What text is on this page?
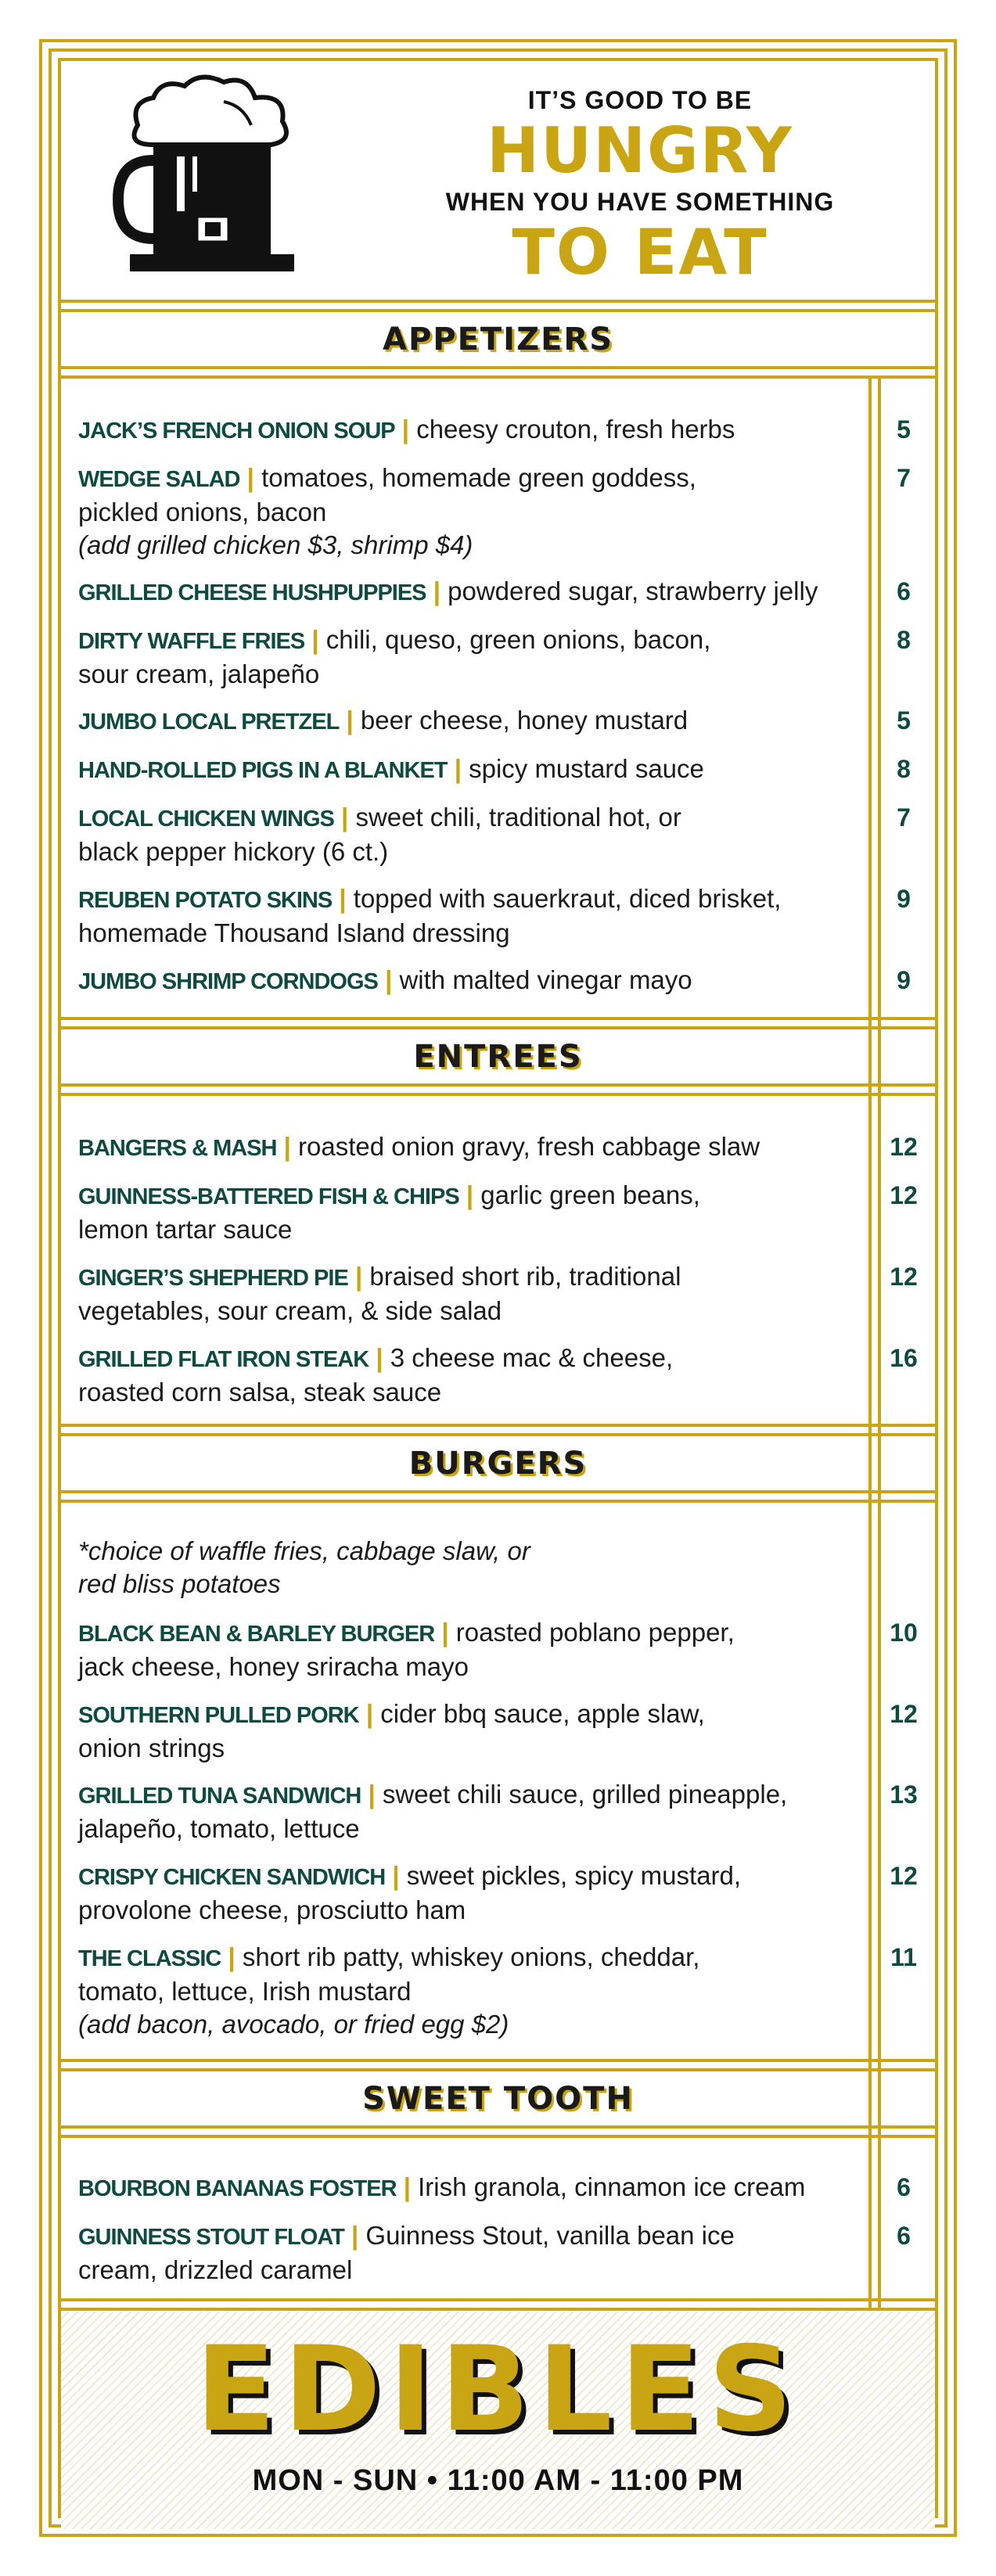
IT’S GOOD TO BE
HUNGRY
WHEN YOU HAVE SOMETHING
TO EAT
APPETIZERS
ENTREES
BURGERS
SWEET TOOTH
JACK’S FRENCH ONION SOUP | cheesy crouton, fresh herbs	5
WEDGE SALAD | tomatoes, homemade green goddess,
pickled onions, bacon
(add grilled chicken $3, shrimp $4)
7
GRILLED CHEESE HUSHPUPPIES | powdered sugar, strawberry jelly	6
DIRTY WAFFLE FRIES | chili, queso, green onions, bacon,
sour cream, jalapeño
8
JUMBO LOCAL PRETZEL | beer cheese, honey mustard	5
HAND-ROLLED PIGS IN A BLANKET | spicy mustard sauce	8
LOCAL CHICKEN WINGS | sweet chili, traditional hot, or
black pepper hickory (6 ct.)
7
REUBEN POTATO SKINS | topped with sauerkraut, diced brisket,
homemade Thousand Island dressing
9
JUMBO SHRIMP CORNDOGS | with malted vinegar mayo	9
BANGERS & MASH | roasted onion gravy, fresh cabbage slaw	12
GUINNESS-BATTERED FISH & CHIPS | garlic green beans,
lemon tartar sauce
12
GINGER’S SHEPHERD PIE | braised short rib, traditional
vegetables, sour cream, & side salad
12
GRILLED FLAT IRON STEAK | 3 cheese mac & cheese,
roasted corn salsa, steak sauce
16
*choice of waffle fries, cabbage slaw, or
red bliss potatoes
BLACK BEAN & BARLEY BURGER | roasted poblano pepper,
jack cheese, honey sriracha mayo
10
SOUTHERN PULLED PORK | cider bbq sauce, apple slaw,
onion strings
12
GRILLED TUNA SANDWICH | sweet chili sauce, grilled pineapple,
jalapeño, tomato, lettuce
13
CRISPY CHICKEN SANDWICH | sweet pickles, spicy mustard,
provolone cheese, prosciutto ham
12
THE CLASSIC | short rib patty, whiskey onions, cheddar,
tomato, lettuce, Irish mustard
(add bacon, avocado, or fried egg $2)
11
BOURBON BANANAS FOSTER | Irish granola, cinnamon ice cream	6
GUINNESS STOUT FLOAT | Guinness Stout, vanilla bean ice
cream, drizzled caramel
6
EDIBLES
MON - SUN • 11:00 AM - 11:00 PM
